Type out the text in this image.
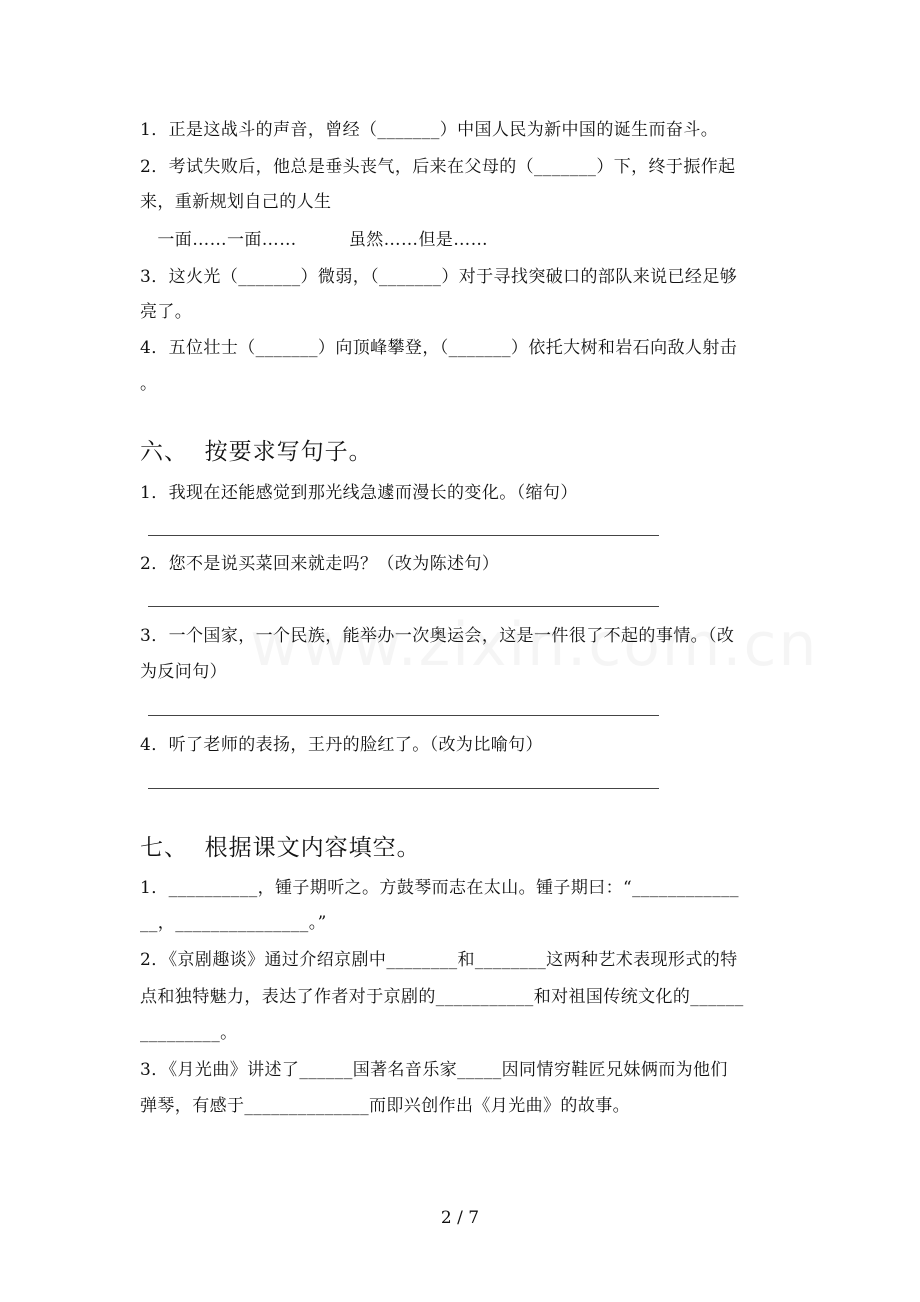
1．正是这战斗的声音，曾经（_______）中国人民为新中国的诞生而奋斗。
2．考试失败后，他总是垂头丧气，后来在父母的（_______）下，终于振作起
来，重新规划自己的人生
一面……一面……         虽然……但是……
3．这火光（_______）微弱，（_______）对于寻找突破口的部队来说已经足够
亮了。
4．五位壮士（_______）向顶峰攀登，（_______）依托大树和岩石向敌人射击
。
六、  按要求写句子。
1．我现在还能感觉到那光线急遽而漫长的变化。（缩句）
2．您不是说买菜回来就走吗？（改为陈述句）
3．一个国家，一个民族，能举办一次奥运会，这是一件很了不起的事情。（改
为反问句）
4．听了老师的表扬，王丹的脸红了。（改为比喻句）
七、  根据课文内容填空。
1．__________，锺子期听之。方鼓琴而志在太山。锺子期曰：“____________
__，_______________。”
2．《京剧趣谈》通过介绍京剧中________和________这两种艺术表现形式的特
点和独特魅力，表达了作者对于京剧的___________和对祖国传统文化的______
_________。
3．《月光曲》讲述了______国著名音乐家_____因同情穷鞋匠兄妹俩而为他们
弹琴，有感于______________而即兴创作出《月光曲》的故事。
2 / 7
